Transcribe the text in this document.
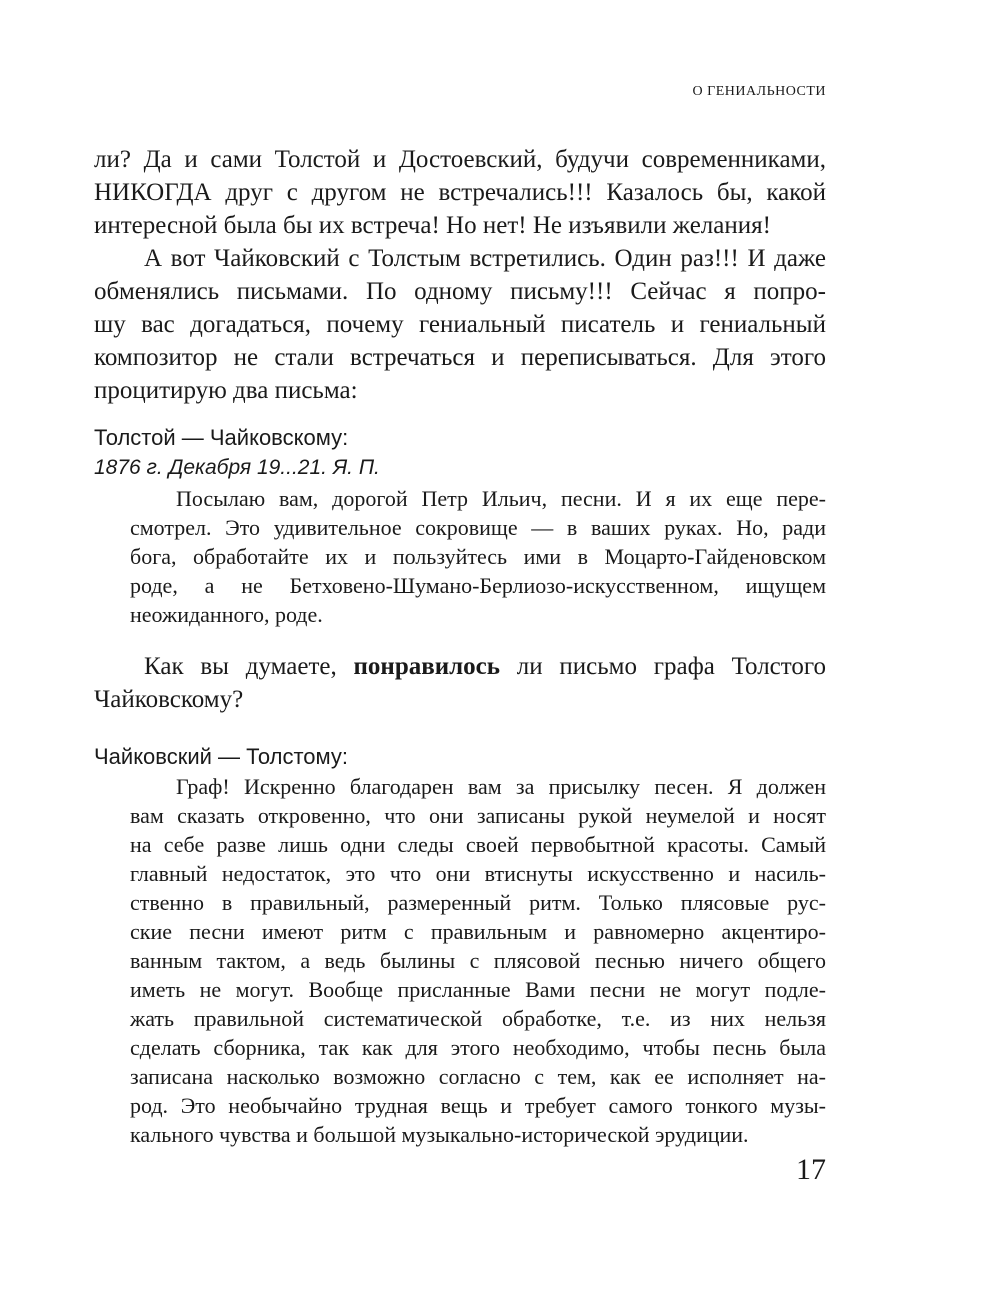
О ГЕНИАЛЬНОСТИ

ли? Да и сами Толстой и Достоевский, будучи современниками,
НИКОГДА друг с другом не встречались!!! Казалось бы, какой
интересной была бы их встреча! Но нет! Не изъявили желания!

А вот Чайковский с Толстым встретились. Один раз!!! И даже
обменялись письмами. По одному письму!!! Сейчас я попро-
шу вас догадаться, почему гениальный писатель и гениальный
композитор не стали встречаться и переписываться. Для этого
процитирую два письма:

Толстой — Чайковскому:

1876 г. Декабря 19...21. Я. П.

Посылаю вам, дорогой Петр Ильич, песни. И я их еще пере-
смотрел. Это удивительное сокровище — в ваших руках. Но, ради
бога, обработайте их и пользуйтесь ими в Моцарто-Гайденовском
роде, а не Бетховено-Шумано-Берлиозо-искусственном, ищущем
неожиданного, роде.

Как вы думаете, понравилось ли письмо графа Толстого
Чайковскому?

Чайковский — Толстому:

Граф! Искренно благодарен вам за присылку песен. Я должен
вам сказать откровенно, что они записаны рукой неумелой и носят
на себе разве лишь одни следы своей первобытной красоты. Самый
главный недостаток, это что они втиснуты искусственно и насиль-
ственно в правильный, размеренный ритм. Только плясовые рус-
ские песни имеют ритм с правильным и равномерно акцентиро-
ванным тактом, а ведь былины с плясовой песнью ничего общего
иметь не могут. Вообще присланные Вами песни не могут подле-
жать правильной систематической обработке, т.е. из них нельзя
сделать сборника, так как для этого необходимо, чтобы песнь была
записана насколько возможно согласно с тем, как ее исполняет на-
род. Это необычайно трудная вещь и требует самого тонкого музы-
кального чувства и большой музыкально-исторической эрудиции.

17
